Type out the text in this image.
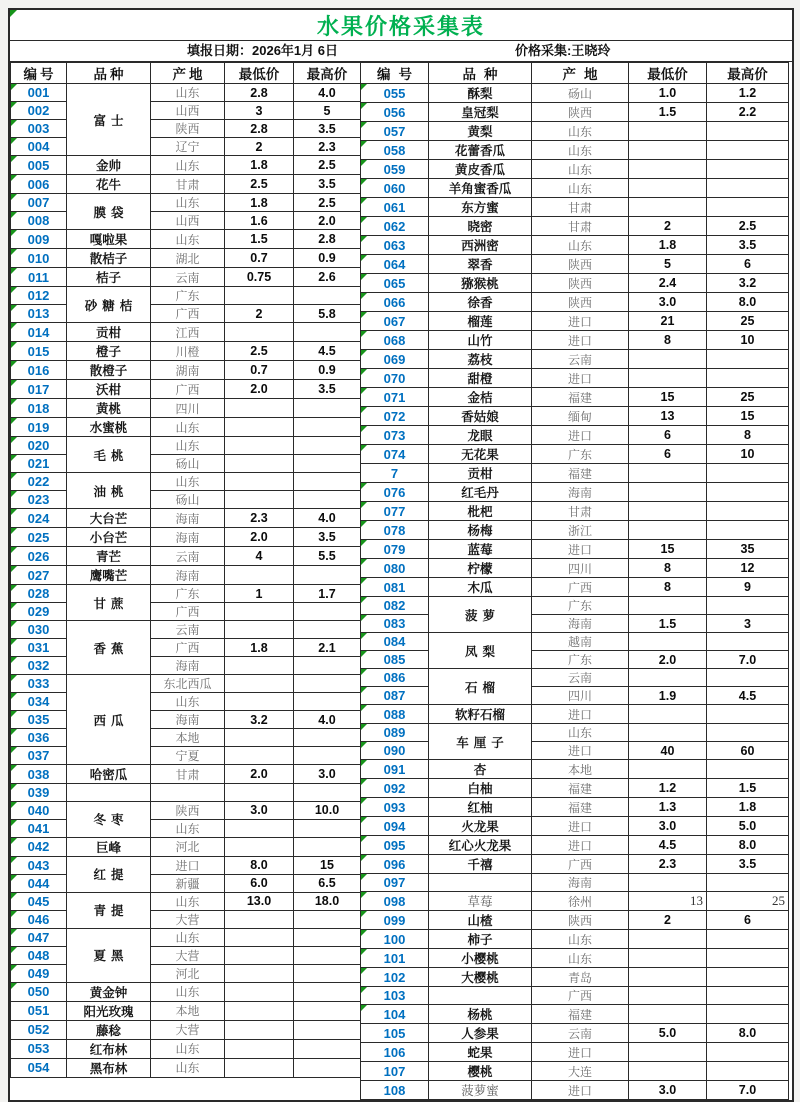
水果价格采集表
填报日期：2026年1月 6日	价格采集:王晓玲
编号	品种	产地	最低价	最高价
001	富士	山东	2.8	4.0
002		山西	3	5
003		陕西	2.8	3.5
004		辽宁	2	2.3
005	金帅	山东	1.8	2.5
006	花牛	甘肃	2.5	3.5
007	膜袋	山东	1.8	2.5
008		山西	1.6	2.0
009	嘎啦果	山东	1.5	2.8
010	散桔子	湖北	0.7	0.9
011	桔子	云南	0.75	2.6
012	砂糖桔	广东		
013		广西	2	5.8
014	贡柑	江西		
015	橙子	川橙	2.5	4.5
016	散橙子	湖南	0.7	0.9
017	沃柑	广西	2.0	3.5
018	黄桃	四川		
019	水蜜桃	山东		
020	毛桃	山东		
021		砀山		
022	油桃	山东		
023		砀山		
024	大台芒	海南	2.3	4.0
025	小台芒	海南	2.0	3.5
026	青芒	云南	4	5.5
027	鹰嘴芒	海南		
028	甘蔗	广东	1	1.7
029		广西		
030	香蕉	云南		
031		广西	1.8	2.1
032		海南		
033	西瓜	东北西瓜		
034		山东		
035		海南	3.2	4.0
036		本地		
037		宁夏		
038	哈密瓜	甘肃	2.0	3.0
039

040	冬枣	陕西	3.0	10.0
041		山东		
042	巨峰	河北		
043	红提	进口	8.0	15
044		新疆	6.0	6.5
045	青提	山东	13.0	18.0
046		大营		
047	夏黑	山东		
048		大营		
049		河北		
050	黄金钟	山东		
051	阳光玫瑰	本地		
052	藤稔	大营		
053	红布林	山东		
054	黑布林	山东		
编号	品种	产地	最低价	最高价
055	酥梨	砀山	1.0	1.2
056	皇冠梨	陕西	1.5	2.2
057	黄梨	山东		
058	花蕾香瓜	山东		
059	黄皮香瓜	山东		
060	羊角蜜香瓜	山东		
061	东方蜜	甘肃		
062	晓密	甘肃	2	2.5
063	西洲密	山东	1.8	3.5
064	翠香	陕西	5	6
065	猕猴桃	陕西	2.4	3.2
066	徐香	陕西	3.0	8.0
067	榴莲	进口	21	25
068	山竹	进口	8	10
069	荔枝	云南		
070	甜橙	进口		
071	金桔	福建	15	25
072	香姑娘	缅甸	13	15
073	龙眼	进口	6	8
074	无花果	广东	6	10
7	贡柑	福建		
076	红毛丹	海南		
077	枇杷	甘肃		
078	杨梅	浙江		
079	蓝莓	进口	15	35
080	柠檬	四川	8	12
081	木瓜	广西	8	9
082	菠萝	广东		
083		海南	1.5	3
084	凤梨	越南		
085		广东	2.0	7.0
086	石榴	云南		
087		四川	1.9	4.5
088	软籽石榴	进口		
089	车厘子	山东		
090		进口	40	60
091	杏	本地		
092	白柚	福建	1.2	1.5
093	红柚	福建	1.3	1.8
094	火龙果	进口	3.0	5.0
095	红心火龙果	进口	4.5	8.0
096	千禧	广西	2.3	3.5
097		海南		
098	草莓	徐州	13	25
099	山楂	陕西	2	6
100	柿子	山东		
101	小樱桃	山东		
102	大樱桃	青岛		
103		广西		
104	杨桃	福建		
105	人参果	云南	5.0	8.0
106	蛇果	进口		
107	樱桃	大连		
108	菠萝蜜	进口	3.0	7.0
